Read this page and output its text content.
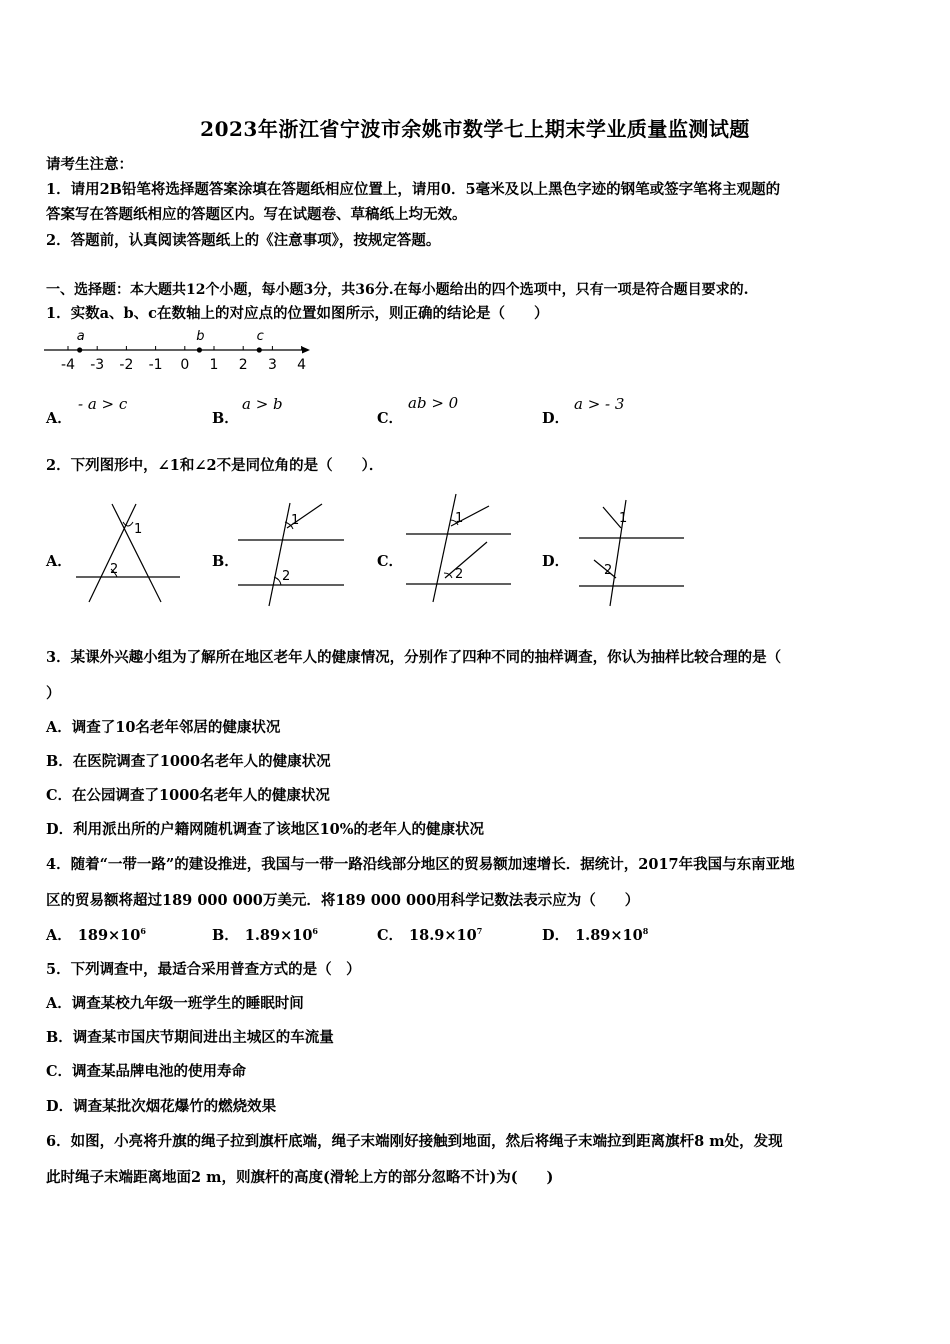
2023年浙江省宁波市余姚市数学七上期末学业质量监测试题
请考生注意：
1．请用2B铅笔将选择题答案涂填在答题纸相应位置上，请用0．5毫米及以上黑色字迹的钢笔或签字笔将主观题的
答案写在答题纸相应的答题区内。写在试题卷、草稿纸上均无效。
2．答题前，认真阅读答题纸上的《注意事项》，按规定答题。
一、选择题：本大题共12个小题，每小题3分，共36分.在每小题给出的四个选项中，只有一项是符合题目要求的.
1．实数a、b、c在数轴上的对应点的位置如图所示，则正确的结论是（　　）
-4 -3 -2 -1 0 1 2 3 4
a	b	c
A．
- a > c
B．
a > b
C．
ab > 0
D．
a > - 3
2．下列图形中，∠1和∠2不是同位角的是（　　）．
A．
1
2	B．
1
2
C．
1
2
D．
1
2
3．某课外兴趣小组为了解所在地区老年人的健康情况，分别作了四种不同的抽样调查，你认为抽样比较合理的是（
）
A．调查了10名老年邻居的健康状况
B．在医院调查了1000名老年人的健康状况
C．在公园调查了1000名老年人的健康状况
D．利用派出所的户籍网随机调查了该地区10%的老年人的健康状况
4．随着“一带一路”的建设推进，我国与一带一路沿线部分地区的贸易额加速增长．据统计，2017年我国与东南亚地
区的贸易额将超过189 000 000万美元．将189 000 000用科学记数法表示应为（　　）
A． $189\times 10^6$	B． $1.89\times 10^6$	C． $18.9\times 10^7$	D． $1.89\times 10^8$
5．下列调查中，最适合采用普查方式的是（　）
A．调查某校九年级一班学生的睡眠时间
B．调查某市国庆节期间进出主城区的车流量
C．调查某品牌电池的使用寿命
D．调查某批次烟花爆竹的燃烧效果
6．如图，小亮将升旗的绳子拉到旗杆底端，绳子末端刚好接触到地面，然后将绳子末端拉到距离旗杆8 m处，发现
此时绳子末端距离地面2 m，则旗杆的高度(滑轮上方的部分忽略不计)为(　　)
